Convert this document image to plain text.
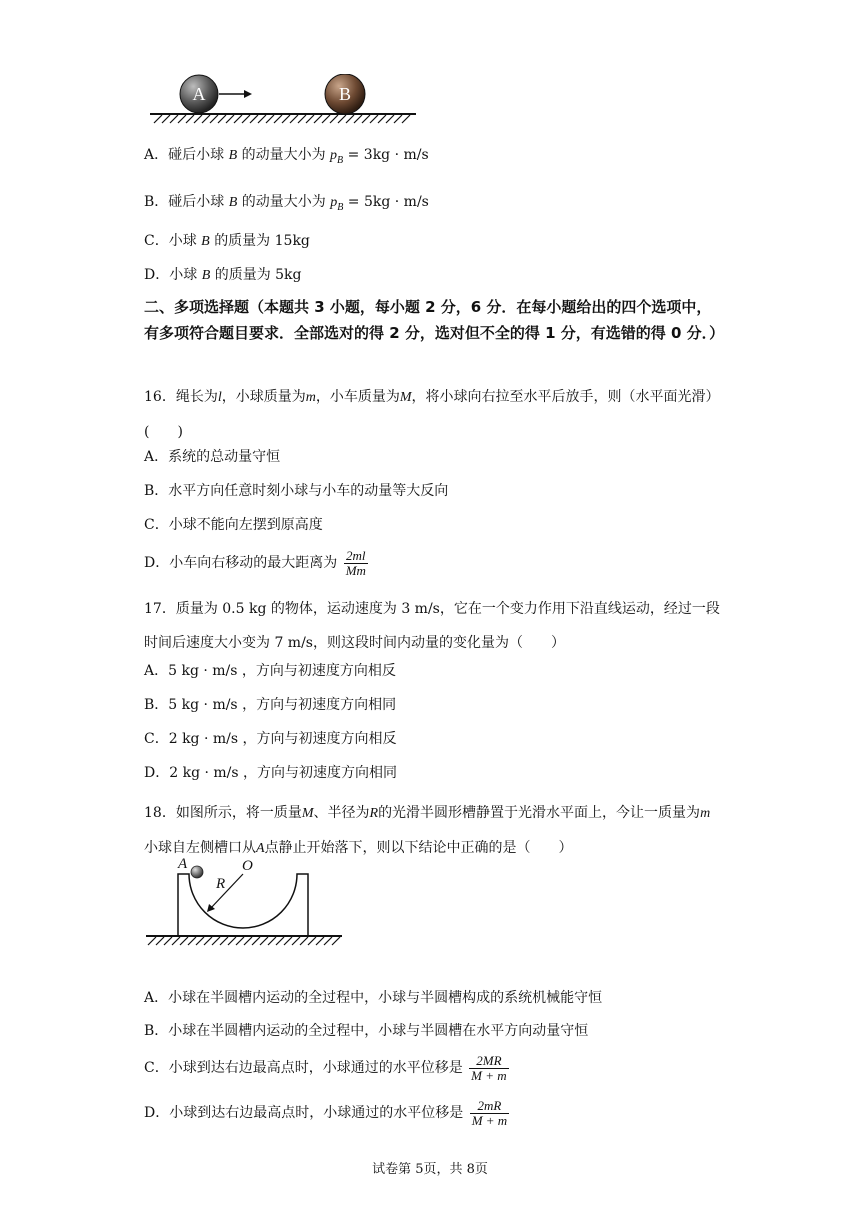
A	B
A．碰后小球 B 的动量大小为 $p_B = 3kg \cdot m/s$
B．碰后小球 B 的动量大小为 $p_B = 5kg \cdot m/s$
C．小球 B 的质量为 15kg
D．小球 B 的质量为 5kg
二、多项选择题（本题共 3 小题，每小题 2 分，6 分．在每小题给出的四个选项中，有多项符合题目要求．全部选对的得 2 分，选对但不全的得 1 分，有选错的得 0 分．）
16．绳长为l，小球质量为m，小车质量为M，将小球向右拉至水平后放手，则（水平面光滑）(　　)
A．系统的总动量守恒
B．水平方向任意时刻小球与小车的动量等大反向
C．小球不能向左摆到原高度
D．小车向右移动的最大距离为 $\frac{2ml}{Mm}$
17．质量为 0.5 kg 的物体，运动速度为 3 m/s，它在一个变力作用下沿直线运动，经过一段时间后速度大小变为 7 m/s，则这段时间内动量的变化量为（　　）
A．5 kg · m/s ，方向与初速度方向相反
B．5 kg · m/s ，方向与初速度方向相同
C．2 kg · m/s ，方向与初速度方向相反
D．2 kg · m/s ，方向与初速度方向相同
18．如图所示，将一质量M、半径为R的光滑半圆形槽静置于光滑水平面上，今让一质量为m小球自左侧槽口从A点静止开始落下，则以下结论中正确的是（　　）
A	O
R
A．小球在半圆槽内运动的全过程中，小球与半圆槽构成的系统机械能守恒
B．小球在半圆槽内运动的全过程中，小球与半圆槽在水平方向动量守恒
C．小球到达右边最高点时，小球通过的水平位移是 $\frac{2MR}{M + m}$
D．小球到达右边最高点时，小球通过的水平位移是 $\frac{2mR}{M + m}$
试卷第 5页，共 8页
